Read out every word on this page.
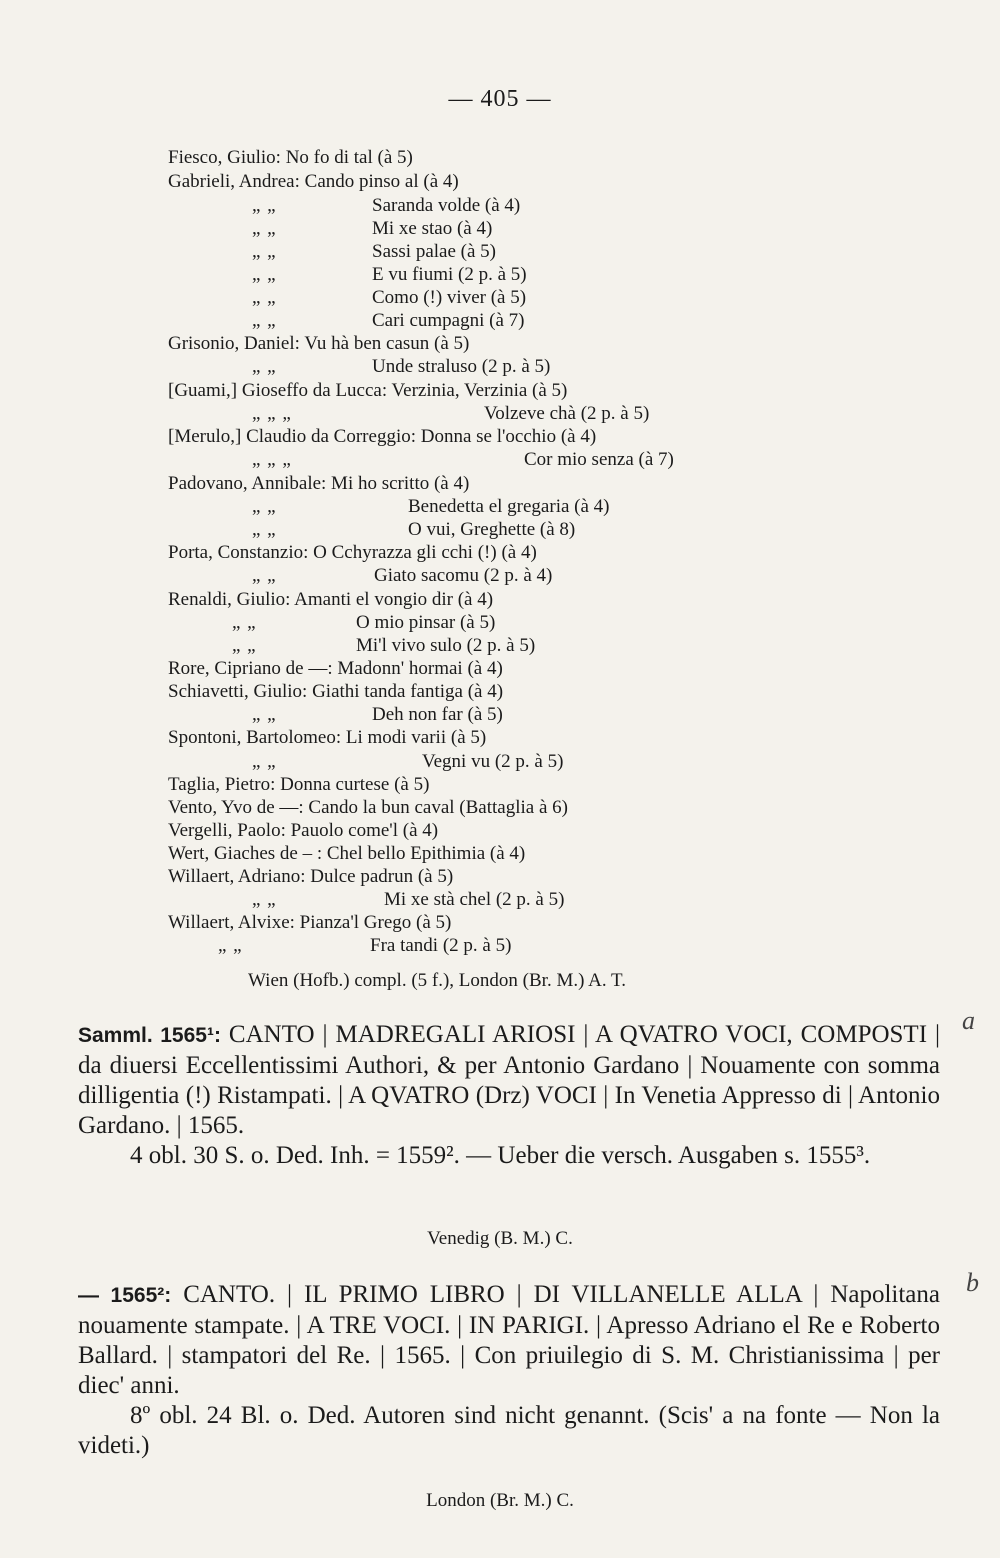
— 405 —
Fiesco, Giulio: No fo di tal (à 5)
Gabrieli, Andrea: Cando pinso al (à 4)
„ „	Saranda volde (à 4)
„ „	Mi xe stao (à 4)
„ „	Sassi palae (à 5)
„ „	E vu fiumi (2 p. à 5)
„ „	Como (!) viver (à 5)
„ „	Cari cumpagni (à 7)
Grisonio, Daniel: Vu hà ben casun (à 5)
„ „	Unde straluso (2 p. à 5)
[Guami,] Gioseffo da Lucca: Verzinia, Verzinia (à 5)
„ „ „	Volzeve chà (2 p. à 5)
[Merulo,] Claudio da Correggio: Donna se l'occhio (à 4)
„ „ „	Cor mio senza (à 7)
Padovano, Annibale: Mi ho scritto (à 4)
„ „	Benedetta el gregaria (à 4)
„ „	O vui, Greghette (à 8)
Porta, Constanzio: O Cchyrazza gli cchi (!) (à 4)
„ „	Giato sacomu (2 p. à 4)
Renaldi, Giulio: Amanti el vongio dir (à 4)
„ „	O mio pinsar (à 5)
„ „	Mi'l vivo sulo (2 p. à 5)
Rore, Cipriano de —: Madonn' hormai (à 4)
Schiavetti, Giulio: Giathi tanda fantiga (à 4)
„ „	Deh non far (à 5)
Spontoni, Bartolomeo: Li modi varii (à 5)
„ „	Vegni vu (2 p. à 5)
Taglia, Pietro: Donna curtese (à 5)
Vento, Yvo de —: Cando la bun caval (Battaglia à 6)
Vergelli, Paolo: Pauolo come'l (à 4)
Wert, Giaches de – : Chel bello Epithimia (à 4)
Willaert, Adriano: Dulce padrun (à 5)
„ „	Mi xe stà chel (2 p. à 5)
Willaert, Alvixe: Pianza'l Grego (à 5)
„ „	Fra tandi (2 p. à 5)
Wien (Hofb.) compl. (5 f.), London (Br. M.) A. T.

Samml. 1565¹: CANTO | MADREGALI ARIOSI | A QVATRO VOCI, COMPOSTI | da diuersi Eccellentissimi Authori, & per Antonio Gardano | Nouamente con somma dilligentia (!) Ristampati. | A QVATRO (Drz) VOCI | In Venetia Appresso di | Antonio Gardano. | 1565.

4 obl. 30 S. o. Ded. Inh. = 1559². — Ueber die versch. Ausgaben s. 1555³.

Venedig (B. M.) C.

— 1565²: CANTO. | IL PRIMO LIBRO | DI VILLANELLE ALLA | Napolitana nouamente stampate. | A TRE VOCI. | IN PARIGI. | Apresso Adriano el Re e Roberto Ballard. | stampatori del Re. | 1565. | Con priuilegio di S. M. Christianissima | per diec' anni.

8º obl. 24 Bl. o. Ded. Autoren sind nicht genannt. (Scis' a na fonte — Non la videti.)

London (Br. M.) C.
a
b
